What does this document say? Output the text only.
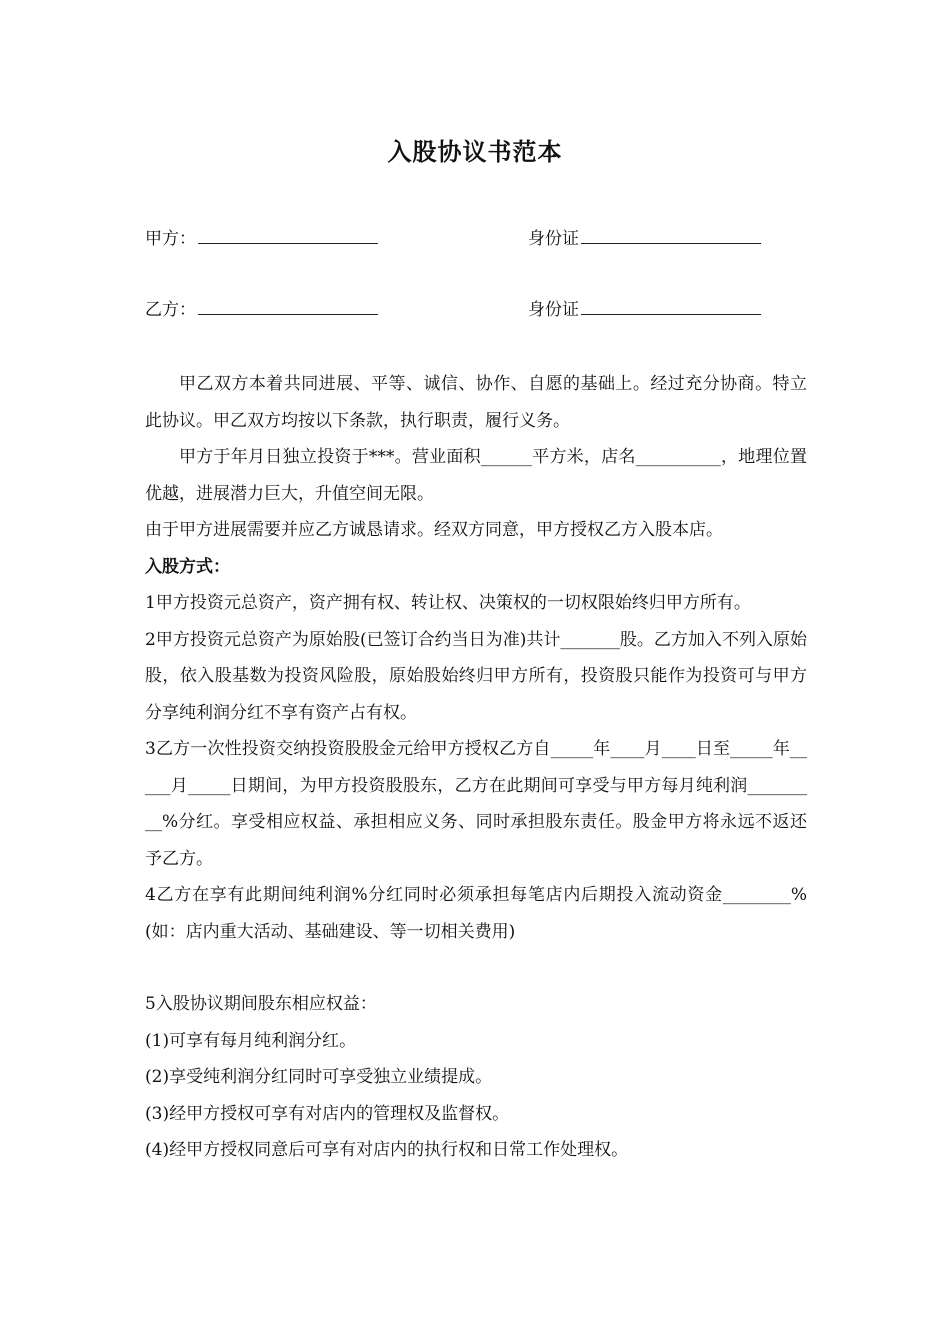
入股协议书范本
甲方：	身份证
乙方：	身份证

甲乙双方本着共同进展、平等、诚信、协作、自愿的基础上。经过充分协商。特立此协议。甲乙双方均按以下条款，执行职责，履行义务。

甲方于年月日独立投资于***。营业面积______平方米，店名__________，地理位置优越，进展潜力巨大，升值空间无限。

由于甲方进展需要并应乙方诚恳请求。经双方同意，甲方授权乙方入股本店。

入股方式：

1甲方投资元总资产，资产拥有权、转让权、决策权的一切权限始终归甲方所有。

2甲方投资元总资产为原始股(已签订合约当日为准)共计_______股。乙方加入不列入原始股，依入股基数为投资风险股，原始股始终归甲方所有，投资股只能作为投资可与甲方分享纯利润分红不享有资产占有权。

3乙方一次性投资交纳投资股股金元给甲方授权乙方自_____年____月____日至_____年_____月_____日期间，为甲方投资股股东，乙方在此期间可享受与甲方每月纯利润_________%分红。享受相应权益、承担相应义务、同时承担股东责任。股金甲方将永远不返还予乙方。

4乙方在享有此期间纯利润%分红同时必须承担每笔店内后期投入流动资金________%(如：店内重大活动、基础建设、等一切相关费用)

5入股协议期间股东相应权益：

(1)可享有每月纯利润分红。

(2)享受纯利润分红同时可享受独立业绩提成。

(3)经甲方授权可享有对店内的管理权及监督权。

(4)经甲方授权同意后可享有对店内的执行权和日常工作处理权。
